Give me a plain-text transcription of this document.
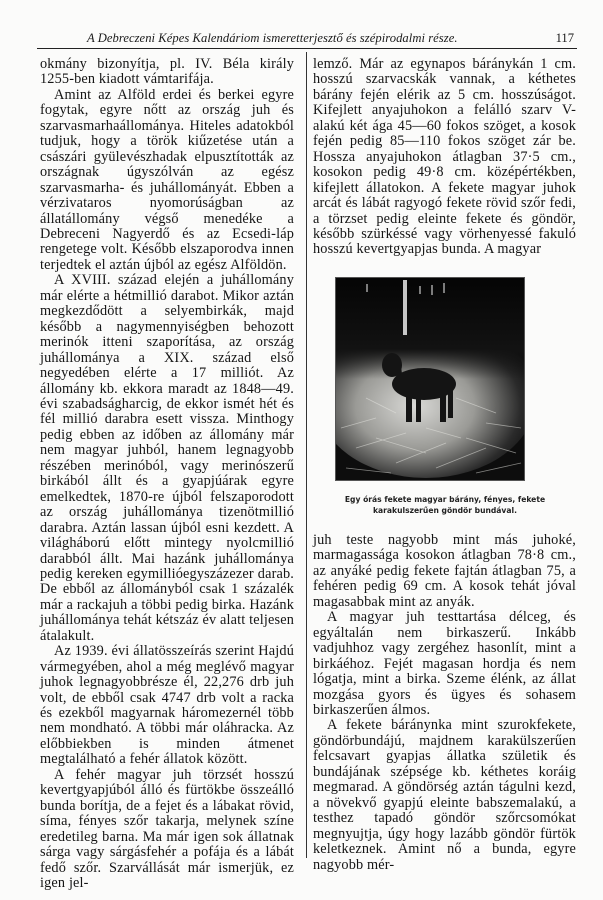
A Debreczeni Képes Kalendáriom ismeretterjesztő és szépirodalmi része.	117

okmány bizonyítja, pl. IV. Béla király 1255-ben kiadott vámtarifája.

Amint az Alföld erdei és berkei egyre fogytak, egyre nőtt az ország juh és szarvasmarhaállománya. Hiteles adatokból tudjuk, hogy a török kiűzetése után a császári gyülevészhadak elpusztították az országnak úgyszólván az egész szarvasmarha- és juhállományát. Ebben a vérzivataros nyomorúságban az állatállomány végső menedéke a Debreceni Nagyerdő és az Ecsedi-láp rengetege volt. Később elszaporodva innen terjedtek el aztán újból az egész Alföldön.

A XVIII. század elején a juhállomány már elérte a hétmillió darabot. Mikor aztán megkezdődött a selyembirkák, majd később a nagymennyiségben behozott merinók itteni szaporítása, az ország juhállománya a XIX. század első negyedében elérte a 17 milliót. Az állomány kb. ekkora maradt az 1848—49. évi szabadságharcig, de ekkor ismét hét és fél millió darabra esett vissza. Minthogy pedig ebben az időben az állomány már nem magyar juhból, hanem legnagyobb részében merinóból, vagy merinószerű birkából állt és a gyapjúárak egyre emelkedtek, 1870-re újból felszaporodott az ország juhállománya tizenötmillió darabra. Aztán lassan újból esni kezdett. A világháború előtt mintegy nyolcmillió darabból állt. Mai hazánk juhállománya pedig kereken egymillióegyszázezer darab. De ebből az állományból csak 1 százalék már a rackajuh a többi pedig birka. Hazánk juhállománya tehát kétszáz év alatt teljesen átalakult.

Az 1939. évi állatösszeírás szerint Hajdú vármegyében, ahol a még meglévő magyar juhok legnagyobbrésze él, 22,276 drb juh volt, de ebből csak 4747 drb volt a racka és ezekből magyarnak háromezernél több nem mondható. A többi már oláhracka. Az előbbiekben is minden átmenet megtalálható a fehér állatok között.

A fehér magyar juh törzsét hosszú kevertgyapjúból álló és fürtökbe összeálló bunda borítja, de a fejet és a lábakat rövid, síma, fényes szőr takarja, melynek színe eredetileg barna. Ma már igen sok állatnak sárga vagy sárgásfehér a pofája és a lábát fedő szőr. Szarvállását már ismerjük, ez igen jel-

lemző. Már az egynapos báránykán 1 cm. hosszú szarvacskák vannak, a kéthetes bárány fején elérik az 5 cm. hosszúságot. Kifejlett anyajuhokon a felálló szarv V-alakú két ága 45—60 fokos szöget, a kosok fején pedig 85—110 fokos szöget zár be. Hossza anyajuhokon átlagban 37·5 cm., kosokon pedig 49·8 cm. középértékben, kifejlett állatokon. A fekete magyar juhok arcát és lábát ragyogó fekete rövid szőr fedi, a törzset pedig eleinte fekete és göndör, később szürkéssé vagy vörhenyessé fakuló hosszú kevertgyapjas bunda. A magyar

Egy órás fekete magyar bárány, fényes, fekete
karakulszerűen göndör bundával.

juh teste nagyobb mint más juhoké, marmagassága kosokon átlagban 78·8 cm., az anyáké pedig fekete fajtán átlagban 75, a fehéren pedig 69 cm. A kosok tehát jóval magasabbak mint az anyák.

A magyar juh testtartása délceg, és egyáltalán nem birkaszerű. Inkább vadjuhhoz vagy zergéhez hasonlít, mint a birkáéhoz. Fejét magasan hordja és nem lógatja, mint a birka. Szeme élénk, az állat mozgása gyors és ügyes és sohasem birkaszerűen álmos.

A fekete báránynka mint szurokfekete, göndörbundájú, majdnem karakülszerűen felcsavart gyapjas állatka születik és bundájának szépsége kb. kéthetes koráig megmarad. A göndörség aztán tágulni kezd, a növekvő gyapjú eleinte babszemalakú, a testhez tapadó göndör szőrcsomókat megnyujtja, úgy hogy lazább göndör fürtök keletkeznek. Amint nő a bunda, egyre nagyobb mér-
